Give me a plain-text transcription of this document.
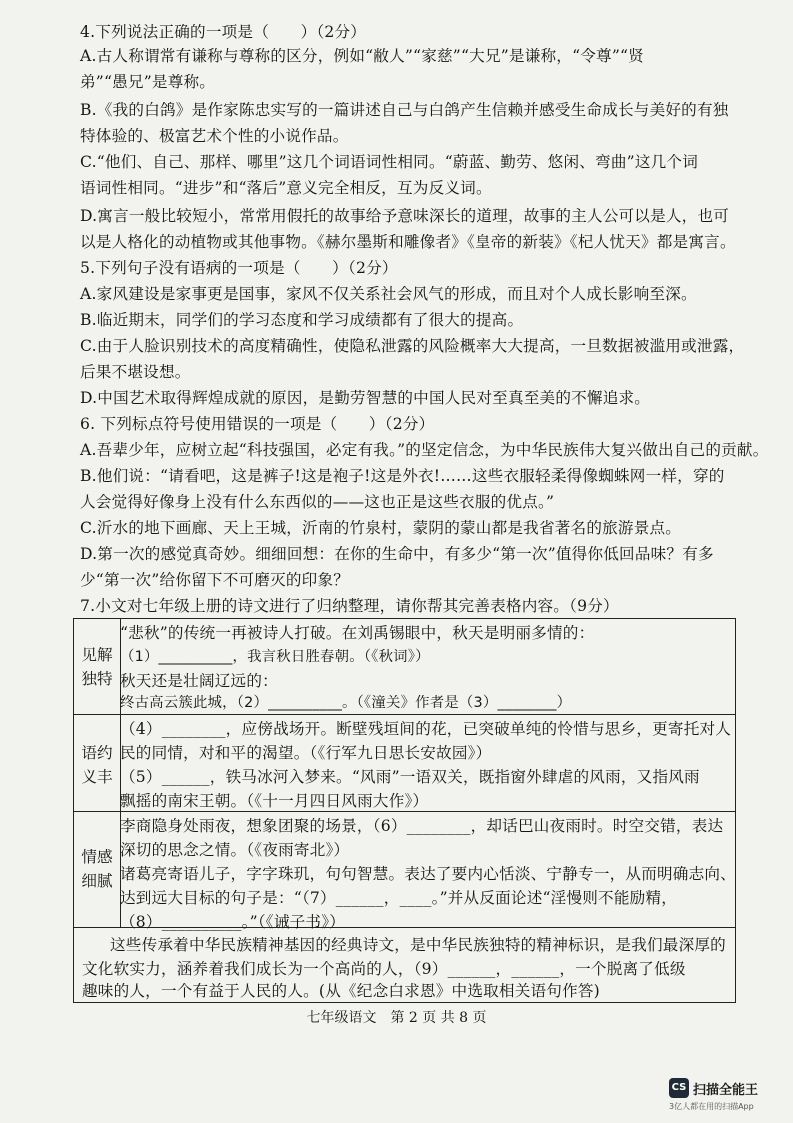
4.下列说法正确的一项是（　　）（2分）
A.古人称谓常有谦称与尊称的区分，例如“敝人”“家慈”“大兄”是谦称，“令尊”“贤
弟”“愚兄”是尊称。
B.《我的白鸽》是作家陈忠实写的一篇讲述自己与白鸽产生信赖并感受生命成长与美好的有独
特体验的、极富艺术个性的小说作品。
C.“他们、自己、那样、哪里”这几个词语词性相同。“蔚蓝、勤劳、悠闲、弯曲”这几个词
语词性相同。“进步”和“落后”意义完全相反，互为反义词。
D.寓言一般比较短小，常常用假托的故事给予意味深长的道理，故事的主人公可以是人，也可
以是人格化的动植物或其他事物。《赫尔墨斯和雕像者》《皇帝的新装》《杞人忧天》都是寓言。
5.下列句子没有语病的一项是（　　）（2分）
A.家风建设是家事更是国事，家风不仅关系社会风气的形成，而且对个人成长影响至深。
B.临近期末，同学们的学习态度和学习成绩都有了很大的提高。
C.由于人脸识别技术的高度精确性，使隐私泄露的风险概率大大提高，一旦数据被滥用或泄露，
后果不堪设想。
D.中国艺术取得辉煌成就的原因，是勤劳智慧的中国人民对至真至美的不懈追求。
6. 下列标点符号使用错误的一项是（　　）（2分）
A.吾辈少年，应树立起“科技强国，必定有我。”的坚定信念，为中华民族伟大复兴做出自己的贡献。
B.他们说：“请看吧，这是裤子!这是袍子!这是外衣!……这些衣服轻柔得像蜘蛛网一样，穿的
人会觉得好像身上没有什么东西似的——这也正是这些衣服的优点。”
C.沂水的地下画廊、天上王城，沂南的竹泉村，蒙阴的蒙山都是我省著名的旅游景点。
D.第一次的感觉真奇妙。细细回想：在你的生命中，有多少“第一次”值得你低回品味？有多
少“第一次”给你留下不可磨灭的印象？
7.小文对七年级上册的诗文进行了归纳整理，请你帮其完善表格内容。（9分）
见解独特
语约义丰
情感细腻
“悲秋”的传统一再被诗人打破。在刘禹锡眼中，秋天是明丽多情的：
（1）__________，我言秋日胜春朝。（《秋词》）
秋天还是壮阔辽远的：
终古高云簇此城，（2）__________。（《潼关》作者是（3）________）
（4）________，应傍战场开。断壁残垣间的花，已突破单纯的怜惜与思乡，更寄托对人
民的同情，对和平的渴望。（《行军九日思长安故园》）
（5）______，铁马冰河入梦来。“风雨”一语双关，既指窗外肆虐的风雨，又指风雨
飘摇的南宋王朝。（《十一月四日风雨大作》）
李商隐身处雨夜，想象团聚的场景，（6）________，却话巴山夜雨时。时空交错，表达
深切的思念之情。（《夜雨寄北》）
诸葛亮寄语儿子，字字珠玑，句句智慧。表达了要内心恬淡、宁静专一，从而明确志向、
达到远大目标的句子是：“（7）______，____。”并从反面论述“淫慢则不能励精，
（8）__________。”（《诫子书》）
这些传承着中华民族精神基因的经典诗文，是中华民族独特的精神标识，是我们最深厚的
文化软实力，涵养着我们成长为一个高尚的人，（9）______，______，一个脱离了低级
趣味的人，一个有益于人民的人。(从《纪念白求恩》中选取相关语句作答)
七年级语文　第 2 页 共 8 页
CS 扫描全能王
3亿人都在用的扫描App
